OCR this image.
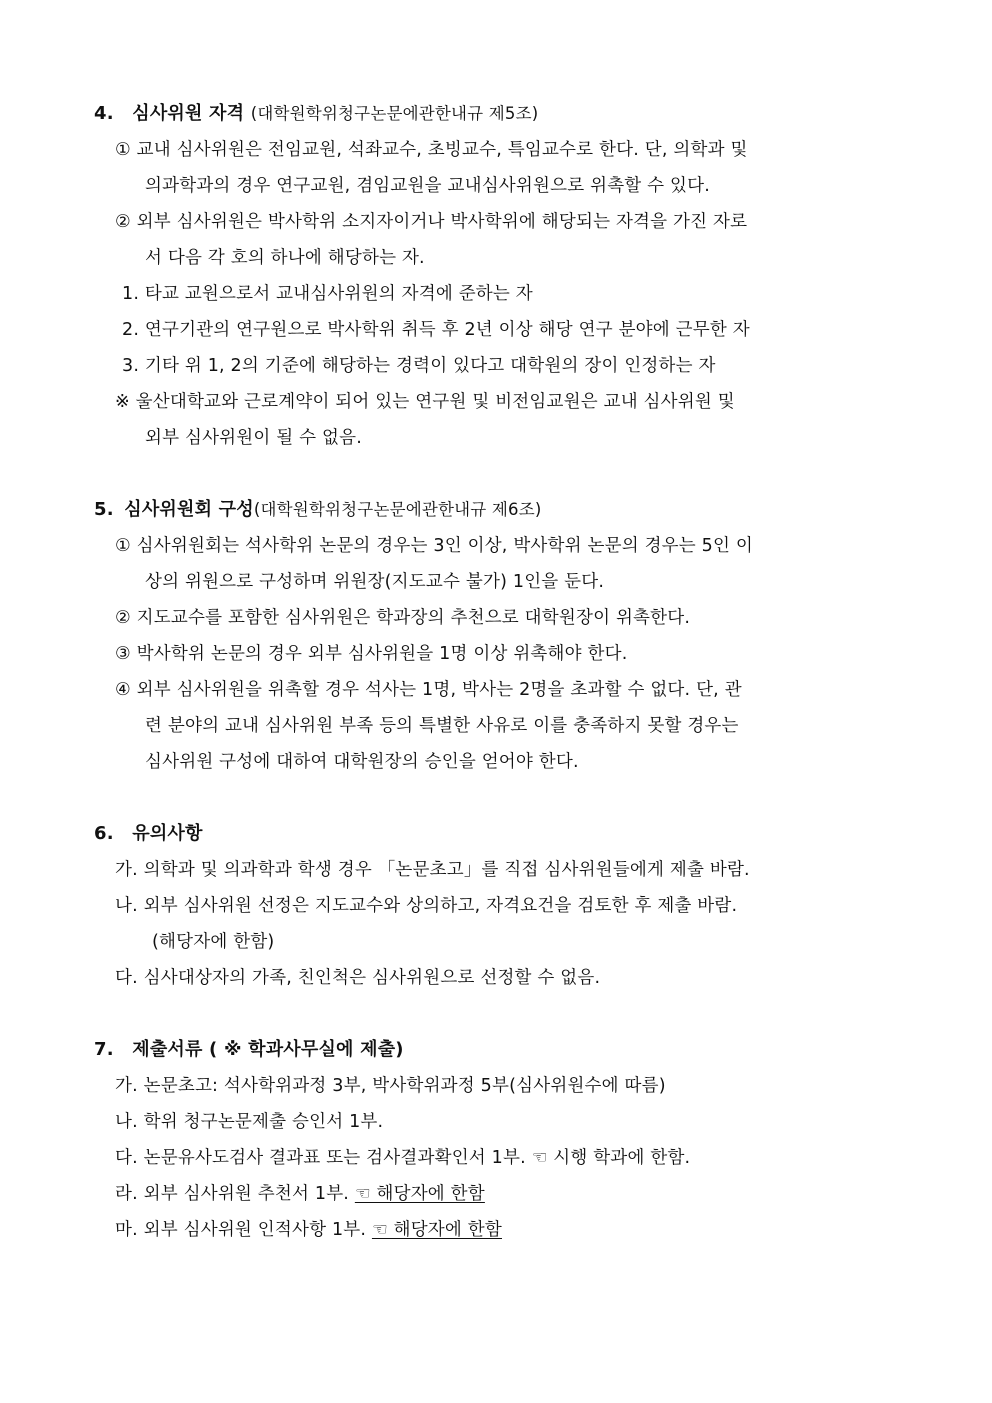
4. 심사위원 자격 (대학원학위청구논문에관한내규 제5조)
① 교내 심사위원은 전임교원, 석좌교수, 초빙교수, 특임교수로 한다. 단, 의학과 및
의과학과의 경우 연구교원, 겸임교원을 교내심사위원으로 위촉할 수 있다.
② 외부 심사위원은 박사학위 소지자이거나 박사학위에 해당되는 자격을 가진 자로
서 다음 각 호의 하나에 해당하는 자.
1. 타교 교원으로서 교내심사위원의 자격에 준하는 자
2. 연구기관의 연구원으로 박사학위 취득 후 2년 이상 해당 연구 분야에 근무한 자
3. 기타 위 1, 2의 기준에 해당하는 경력이 있다고 대학원의 장이 인정하는 자
※ 울산대학교와 근로계약이 되어 있는 연구원 및 비전임교원은 교내 심사위원 및
외부 심사위원이 될 수 없음.
5. 심사위원회 구성(대학원학위청구논문에관한내규 제6조)
① 심사위원회는 석사학위 논문의 경우는 3인 이상, 박사학위 논문의 경우는 5인 이
상의 위원으로 구성하며 위원장(지도교수 불가) 1인을 둔다.
② 지도교수를 포함한 심사위원은 학과장의 추천으로 대학원장이 위촉한다.
③ 박사학위 논문의 경우 외부 심사위원을 1명 이상 위촉해야 한다.
④ 외부 심사위원을 위촉할 경우 석사는 1명, 박사는 2명을 초과할 수 없다. 단, 관
련 분야의 교내 심사위원 부족 등의 특별한 사유로 이를 충족하지 못할 경우는
심사위원 구성에 대하여 대학원장의 승인을 얻어야 한다.
6. 유의사항
가. 의학과 및 의과학과 학생 경우 「논문초고」를 직접 심사위원들에게 제출 바람.
나. 외부 심사위원 선정은 지도교수와 상의하고, 자격요건을 검토한 후 제출 바람.
(해당자에 한함)
다. 심사대상자의 가족, 친인척은 심사위원으로 선정할 수 없음.
7. 제출서류 ( ※ 학과사무실에 제출)
가. 논문초고: 석사학위과정 3부, 박사학위과정 5부(심사위원수에 따름)
나. 학위 청구논문제출 승인서 1부.
다. 논문유사도검사 결과표 또는 검사결과확인서 1부. ☜ 시행 학과에 한함.
라. 외부 심사위원 추천서 1부. ☜ 해당자에 한함
마. 외부 심사위원 인적사항 1부. ☜ 해당자에 한함
